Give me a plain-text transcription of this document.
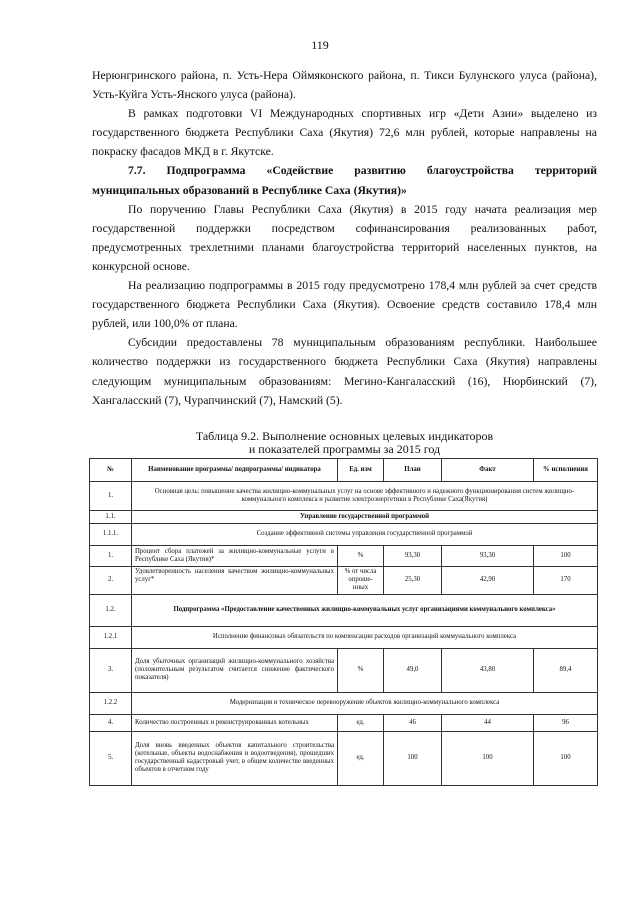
119

Нерюнгринского района, п. Усть-Нера Оймяконского района, п. Тикси Булунского улуса (района), Усть-Куйга Усть-Янского улуса (района).

В рамках подготовки VI Международных спортивных игр «Дети Азии» выделено из государственного бюджета Республики Саха (Якутия) 72,6 млн рублей, которые направлены на покраску фасадов МКД в г. Якутске.

7.7. Подпрограмма «Содействие развитию благоустройства территорий муниципальных образований в Республике Саха (Якутия)»

По поручению Главы Республики Саха (Якутия) в 2015 году начата реализация мер государственной поддержки посредством софинансирования реализованных работ, предусмотренных трехлетними планами благоустройства территорий населенных пунктов, на конкурсной основе.

На реализацию подпрограммы в 2015 году предусмотрено 178,4 млн рублей за счет средств государственного бюджета Республики Саха (Якутия). Освоение средств составило 178,4 млн рублей, или 100,0% от плана.

Субсидии предоставлены 78 муниципальным образованиям республики. Наибольшее количество поддержки из государственного бюджета Республики Саха (Якутия) направлены следующим муниципальным образованиям: Мегино-Кангаласский (16), Нюрбинский (7), Хангаласский (7), Чурапчинский (7), Намский (5).

Таблица 9.2. Выполнение основных целевых индикаторов
и показателей программы за 2015 год
№	Наименование программы/ подпрограммы/ индикатора	Ед. изм	План	Факт	% исполнения
1.	Основная цель: повышение качества жилищно-коммунальных услуг на основе эффективного и надежного функционирования систем жилищно-коммунального комплекса и развитие электроэнергетики в Республике Саха(Якутия)				
1.1.	Управление государственной программой				
1.1.1.	Создание эффективной системы управления государственной программой				
1.	Процент сбора платежей за жилищно-коммунальные услуги в Республике Саха (Якутия)*	%	93,30	93,30	100
2.	Удовлетворенность населения качеством жилищно-коммунальных услуг*	% от числа опроше-нных	25,30	42,90	170
1.2.	Подпрограмма «Предоставление качественных жилищно-коммунальных услуг организациями коммунального комплекса»				
1.2.1	Исполнение финансовых обязательств по компенсации расходов организаций коммунального комплекса				
3.	Доля убыточных организаций жилищно-коммунального хозяйства (положительным результатом считается снижение фактического показателя)	%	49,0	43,80	89,4
1.2.2	Модернизация и техническое перевооружение объектов жилищно-коммунального комплекса				
4.	Количество построенных и реконструированных котельных	ед.	46	44	96
5.	Доля вновь введенных объектов капитального строительства (котельные, объекты водоснабжения и водоотведения), прошедших государственный кадастровый учет, в общем количестве введенных объектов в отчетном году	ед.	100	100	100
